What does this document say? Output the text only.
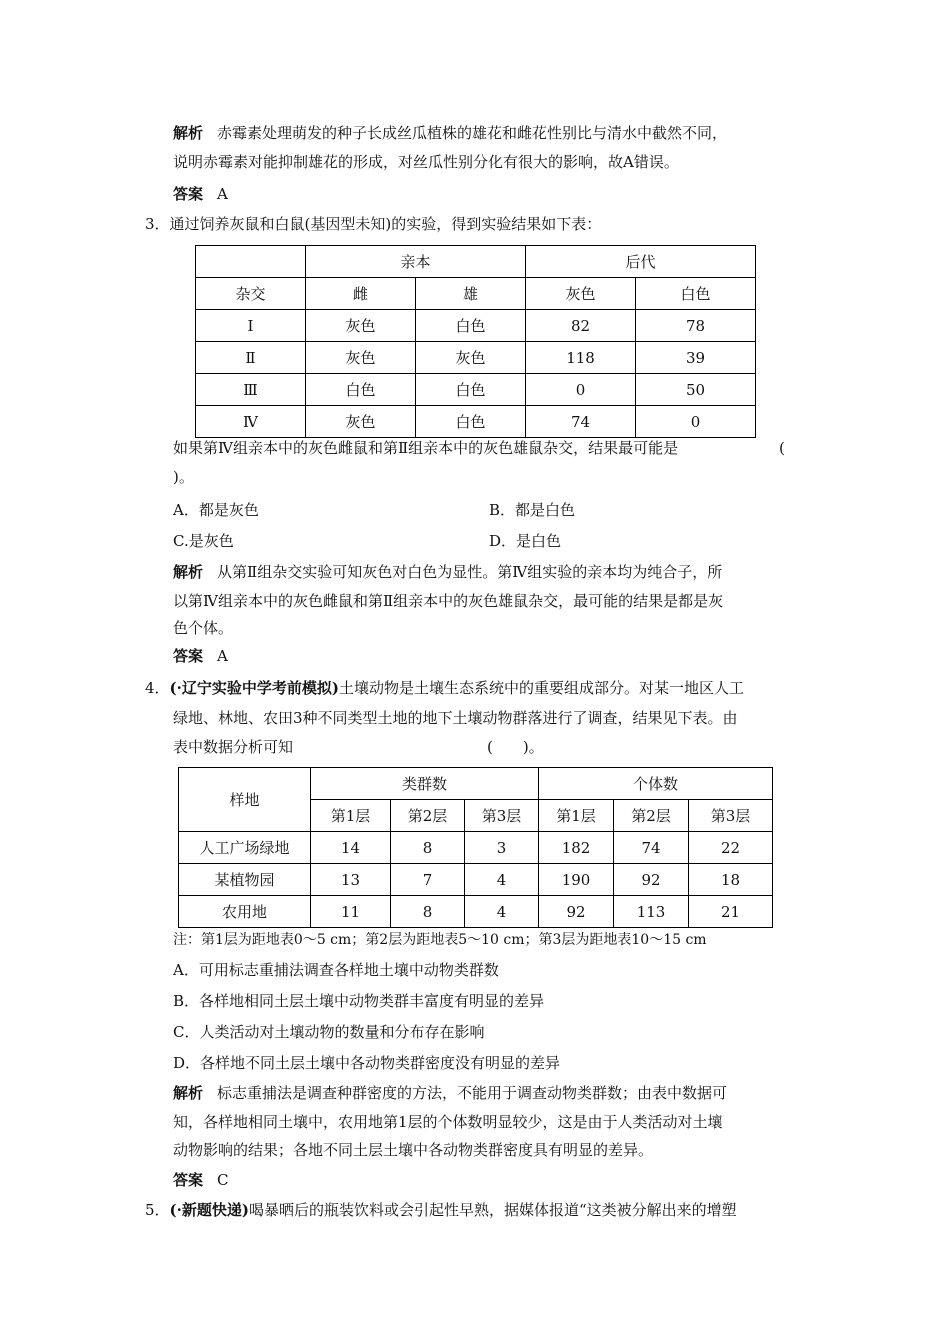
解析 赤霉素处理萌发的种子长成丝瓜植株的雄花和雌花性别比与清水中截然不同，
说明赤霉素对能抑制雄花的形成，对丝瓜性别分化有很大的影响，故A错误。
答案 A
3．通过饲养灰鼠和白鼠(基因型未知)的实验，得到实验结果如下表：
	亲本		后代	
杂交	雌	雄	灰色	白色
Ⅰ	灰色	白色	82	78
Ⅱ	灰色	灰色	118	39
Ⅲ	白色	白色	0	50
Ⅳ	灰色	白色	74	0
如果第Ⅳ组亲本中的灰色雌鼠和第Ⅱ组亲本中的灰色雄鼠杂交，结果最可能是	(
)。
A．都是灰色	B．都是白色
C.是灰色	D．是白色
解析 从第Ⅱ组杂交实验可知灰色对白色为显性。第Ⅳ组实验的亲本均为纯合子，所
以第Ⅳ组亲本中的灰色雌鼠和第Ⅱ组亲本中的灰色雄鼠杂交，最可能的结果是都是灰
色个体。
答案 A
4．(·辽宁实验中学考前模拟)土壤动物是土壤生态系统中的重要组成部分。对某一地区人工
绿地、林地、农田3种不同类型土地的地下土壤动物群落进行了调查，结果见下表。由
表中数据分析可知	(　　)。
样地	类群数			个体数		
	第1层	第2层	第3层	第1层	第2层	第3层
人工广场绿地	14	8	3	182	74	22
某植物园	13	7	4	190	92	18
农用地	11	8	4	92	113	21
注：第1层为距地表0～5 cm；第2层为距地表5～10 cm；第3层为距地表10～15 cm
A．可用标志重捕法调查各样地土壤中动物类群数
B．各样地相同土层土壤中动物类群丰富度有明显的差异
C．人类活动对土壤动物的数量和分布存在影响
D．各样地不同土层土壤中各动物类群密度没有明显的差异
解析 标志重捕法是调查种群密度的方法，不能用于调查动物类群数；由表中数据可
知，各样地相同土壤中，农用地第1层的个体数明显较少，这是由于人类活动对土壤
动物影响的结果；各地不同土层土壤中各动物类群密度具有明显的差异。
答案 C
5．(·新题快递)喝暴晒后的瓶装饮料或会引起性早熟，据媒体报道“这类被分解出来的增塑
